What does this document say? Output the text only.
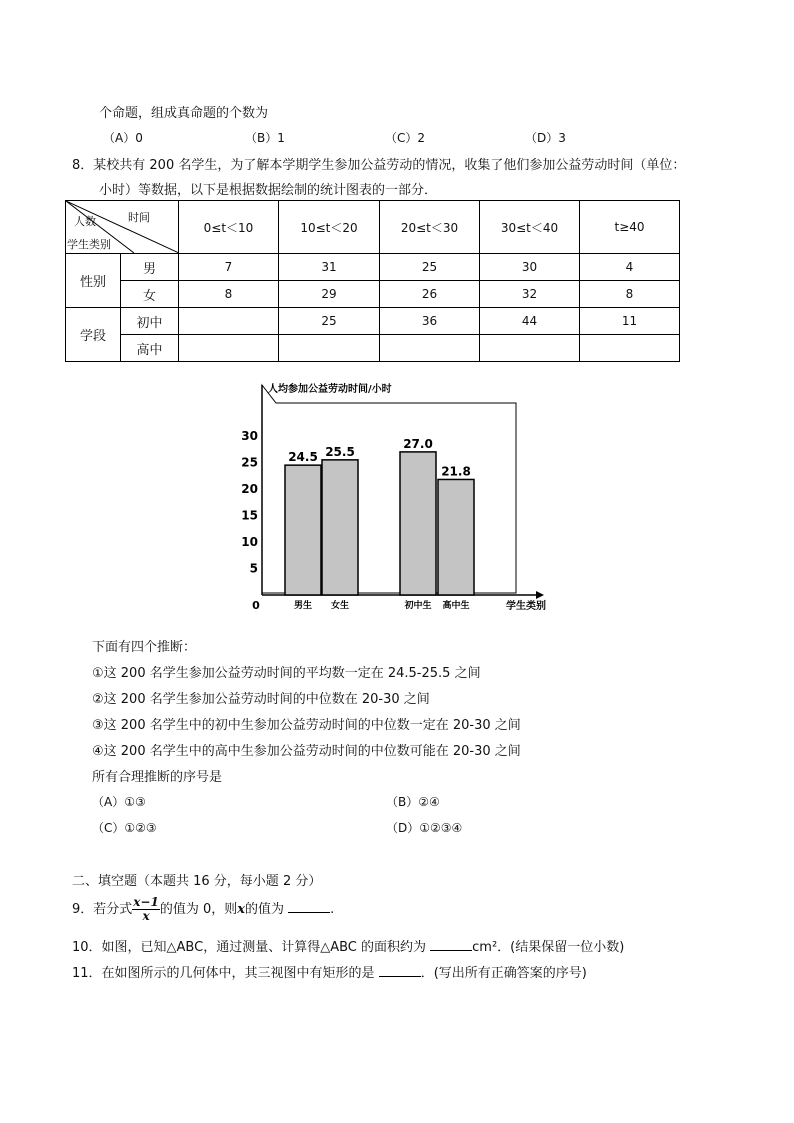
个命题，组成真命题的个数为
（A）0	（B）1	（C）2	（D）3
8．某校共有 200 名学生，为了解本学期学生参加公益劳动的情况，收集了他们参加公益劳动时间（单位：
小时）等数据，以下是根据数据绘制的统计图表的一部分．
时间
人数
学生类别		0≤t＜10	10≤t＜20	20≤t＜30	30≤t＜40	t≥40
性别	男	7	31	25	30	4
	女	8	29	26	32	8
学段	初中		25	36	44	11
	高中					
人均参加公益劳动时间/小时
学生类别
0
5
10
15
20
25
30
24.5 25.5
27.0
21.8
男生 女生	初中生 高中生
下面有四个推断：
①这 200 名学生参加公益劳动时间的平均数一定在 24.5-25.5 之间
②这 200 名学生参加公益劳动时间的中位数在 20-30 之间
③这 200 名学生中的初中生参加公益劳动时间的中位数一定在 20-30 之间
④这 200 名学生中的高中生参加公益劳动时间的中位数可能在 20-30 之间
所有合理推断的序号是
（A）①③	（B）②④
（C）①②③	（D）①②③④
二、填空题（本题共 16 分，每小题 2 分）
9．若分式 $\frac{x-1}{x}$ 的值为 0，则x的值为	.
10．如图，已知△ABC，通过测量、计算得△ABC 的面积约为	cm²．(结果保留一位小数)
11．在如图所示的几何体中，其三视图中有矩形的是	．(写出所有正确答案的序号)
